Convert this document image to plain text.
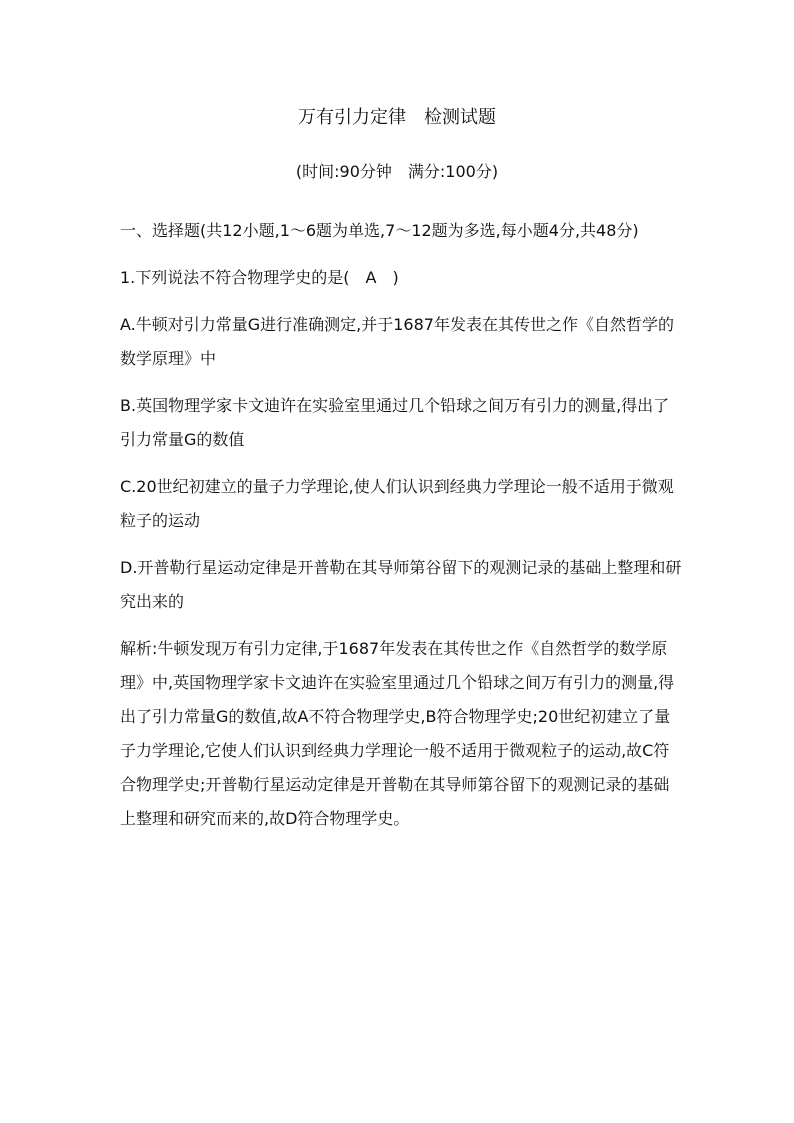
万有引力定律　检测试题
(时间:90分钟　满分:100分)
一、选择题(共12小题,1～6题为单选,7～12题为多选,每小题4分,共48分)
1.下列说法不符合物理学史的是(　A　)
A.牛顿对引力常量G进行准确测定,并于1687年发表在其传世之作《自然哲学的数学原理》中
B.英国物理学家卡文迪许在实验室里通过几个铅球之间万有引力的测量,得出了引力常量G的数值
C.20世纪初建立的量子力学理论,使人们认识到经典力学理论一般不适用于微观粒子的运动
D.开普勒行星运动定律是开普勒在其导师第谷留下的观测记录的基础上整理和研究出来的
解析:牛顿发现万有引力定律,于1687年发表在其传世之作《自然哲学的数学原理》中,英国物理学家卡文迪许在实验室里通过几个铅球之间万有引力的测量,得出了引力常量G的数值,故A不符合物理学史,B符合物理学史;20世纪初建立了量子力学理论,它使人们认识到经典力学理论一般不适用于微观粒子的运动,故C符合物理学史;开普勒行星运动定律是开普勒在其导师第谷留下的观测记录的基础上整理和研究而来的,故D符合物理学史。
